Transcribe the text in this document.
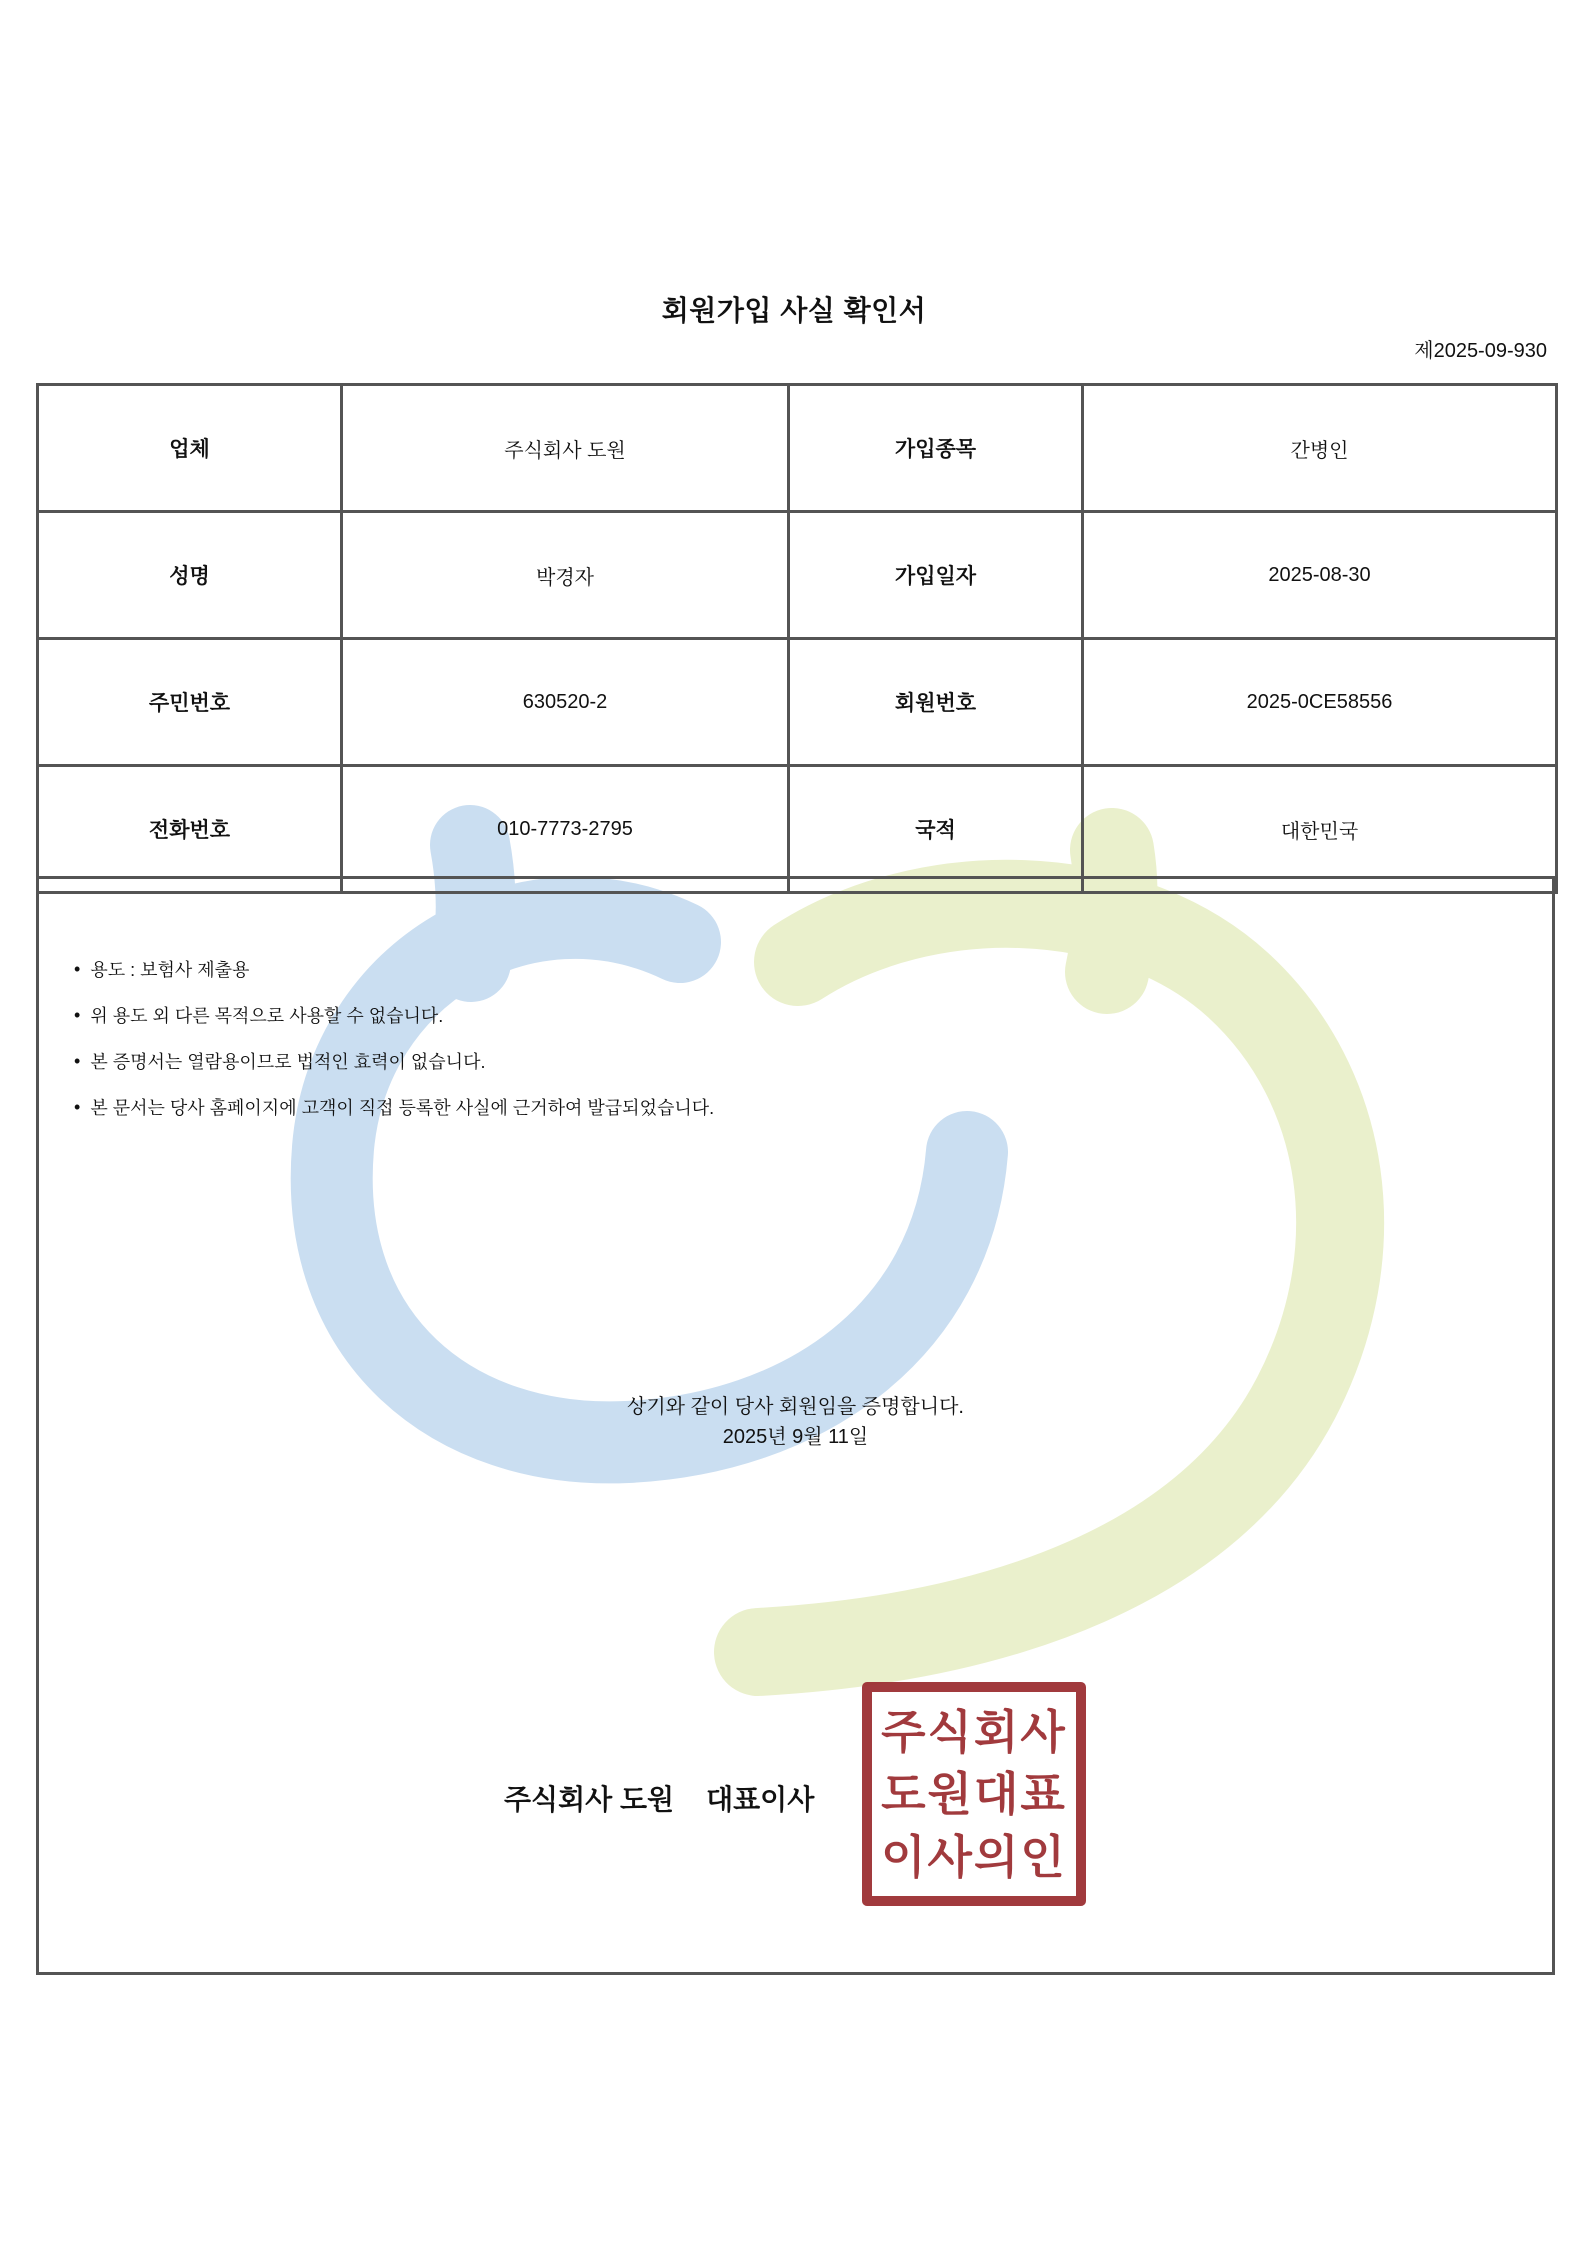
회원가입 사실 확인서
제2025-09-930
업체	주식회사 도원	가입종목	간병인
성명	박경자	가입일자	2025-08-30
주민번호	630520-2	회원번호	2025-0CE58556
전화번호	010-7773-2795	국적	대한민국
• 용도 : 보험사 제출용
• 위 용도 외 다른 목적으로 사용할 수 없습니다.
• 본 증명서는 열람용이므로 법적인 효력이 없습니다.
• 본 문서는 당사 홈페이지에 고객이 직접 등록한 사실에 근거하여 발급되었습니다.
상기와 같이 당사 회원임을 증명합니다.
2025년 9월 11일
주식회사 도원 대표이사
주식회사
도원대표
이사의인
